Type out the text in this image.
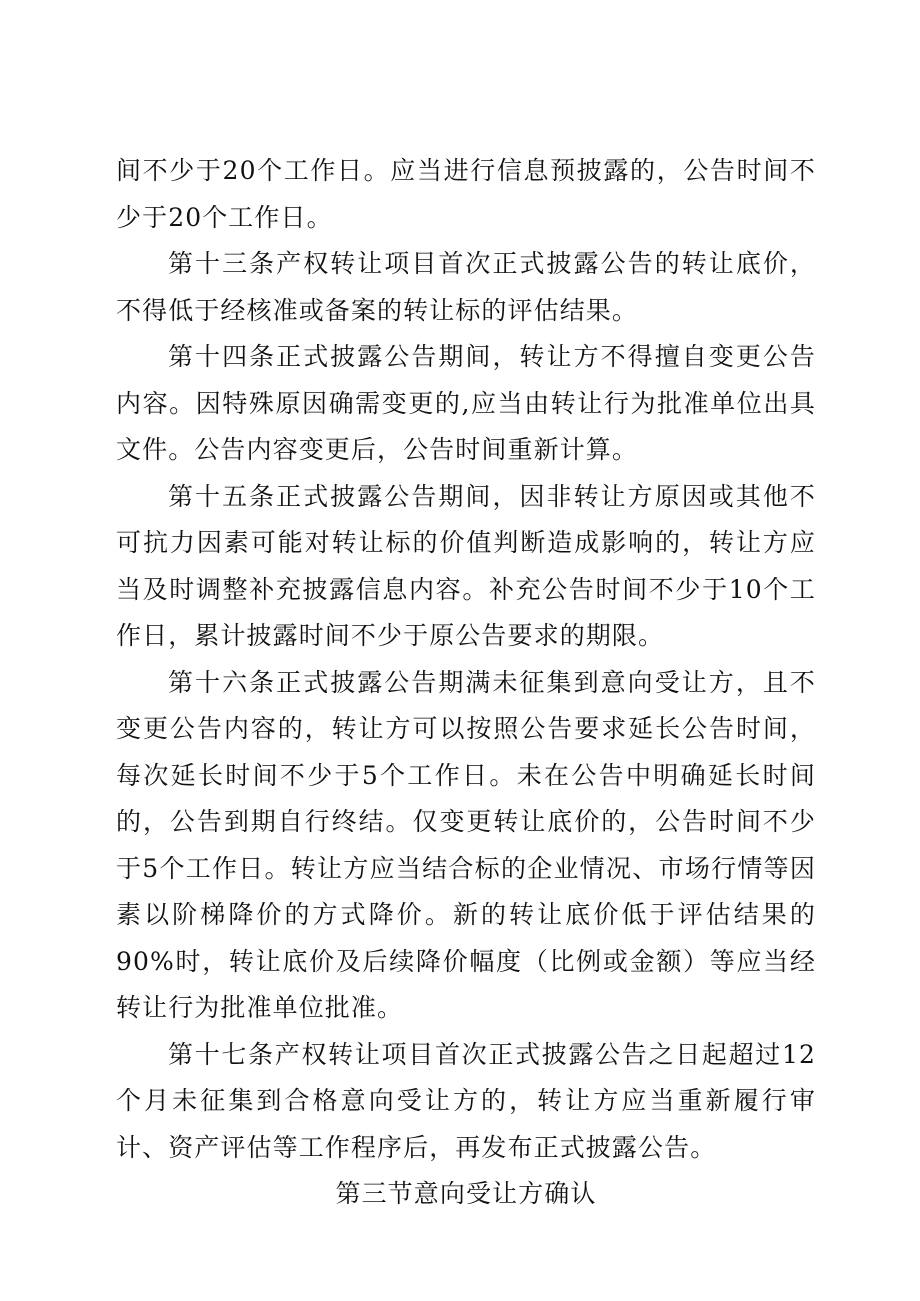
间不少于20个工作日。应当进行信息预披露的，公告时间不少于20个工作日。

第十三条产权转让项目首次正式披露公告的转让底价，不得低于经核准或备案的转让标的评估结果。

第十四条正式披露公告期间，转让方不得擅自变更公告内容。因特殊原因确需变更的,应当由转让行为批准单位出具文件。公告内容变更后，公告时间重新计算。

第十五条正式披露公告期间，因非转让方原因或其他不可抗力因素可能对转让标的价值判断造成影响的，转让方应当及时调整补充披露信息内容。补充公告时间不少于10个工作日，累计披露时间不少于原公告要求的期限。

第十六条正式披露公告期满未征集到意向受让方，且不变更公告内容的，转让方可以按照公告要求延长公告时间，每次延长时间不少于5个工作日。未在公告中明确延长时间的，公告到期自行终结。仅变更转让底价的，公告时间不少于5个工作日。转让方应当结合标的企业情况、市场行情等因素以阶梯降价的方式降价。新的转让底价低于评估结果的90%时，转让底价及后续降价幅度（比例或金额）等应当经转让行为批准单位批准。

第十七条产权转让项目首次正式披露公告之日起超过12个月未征集到合格意向受让方的，转让方应当重新履行审计、资产评估等工作程序后，再发布正式披露公告。

第三节意向受让方确认
